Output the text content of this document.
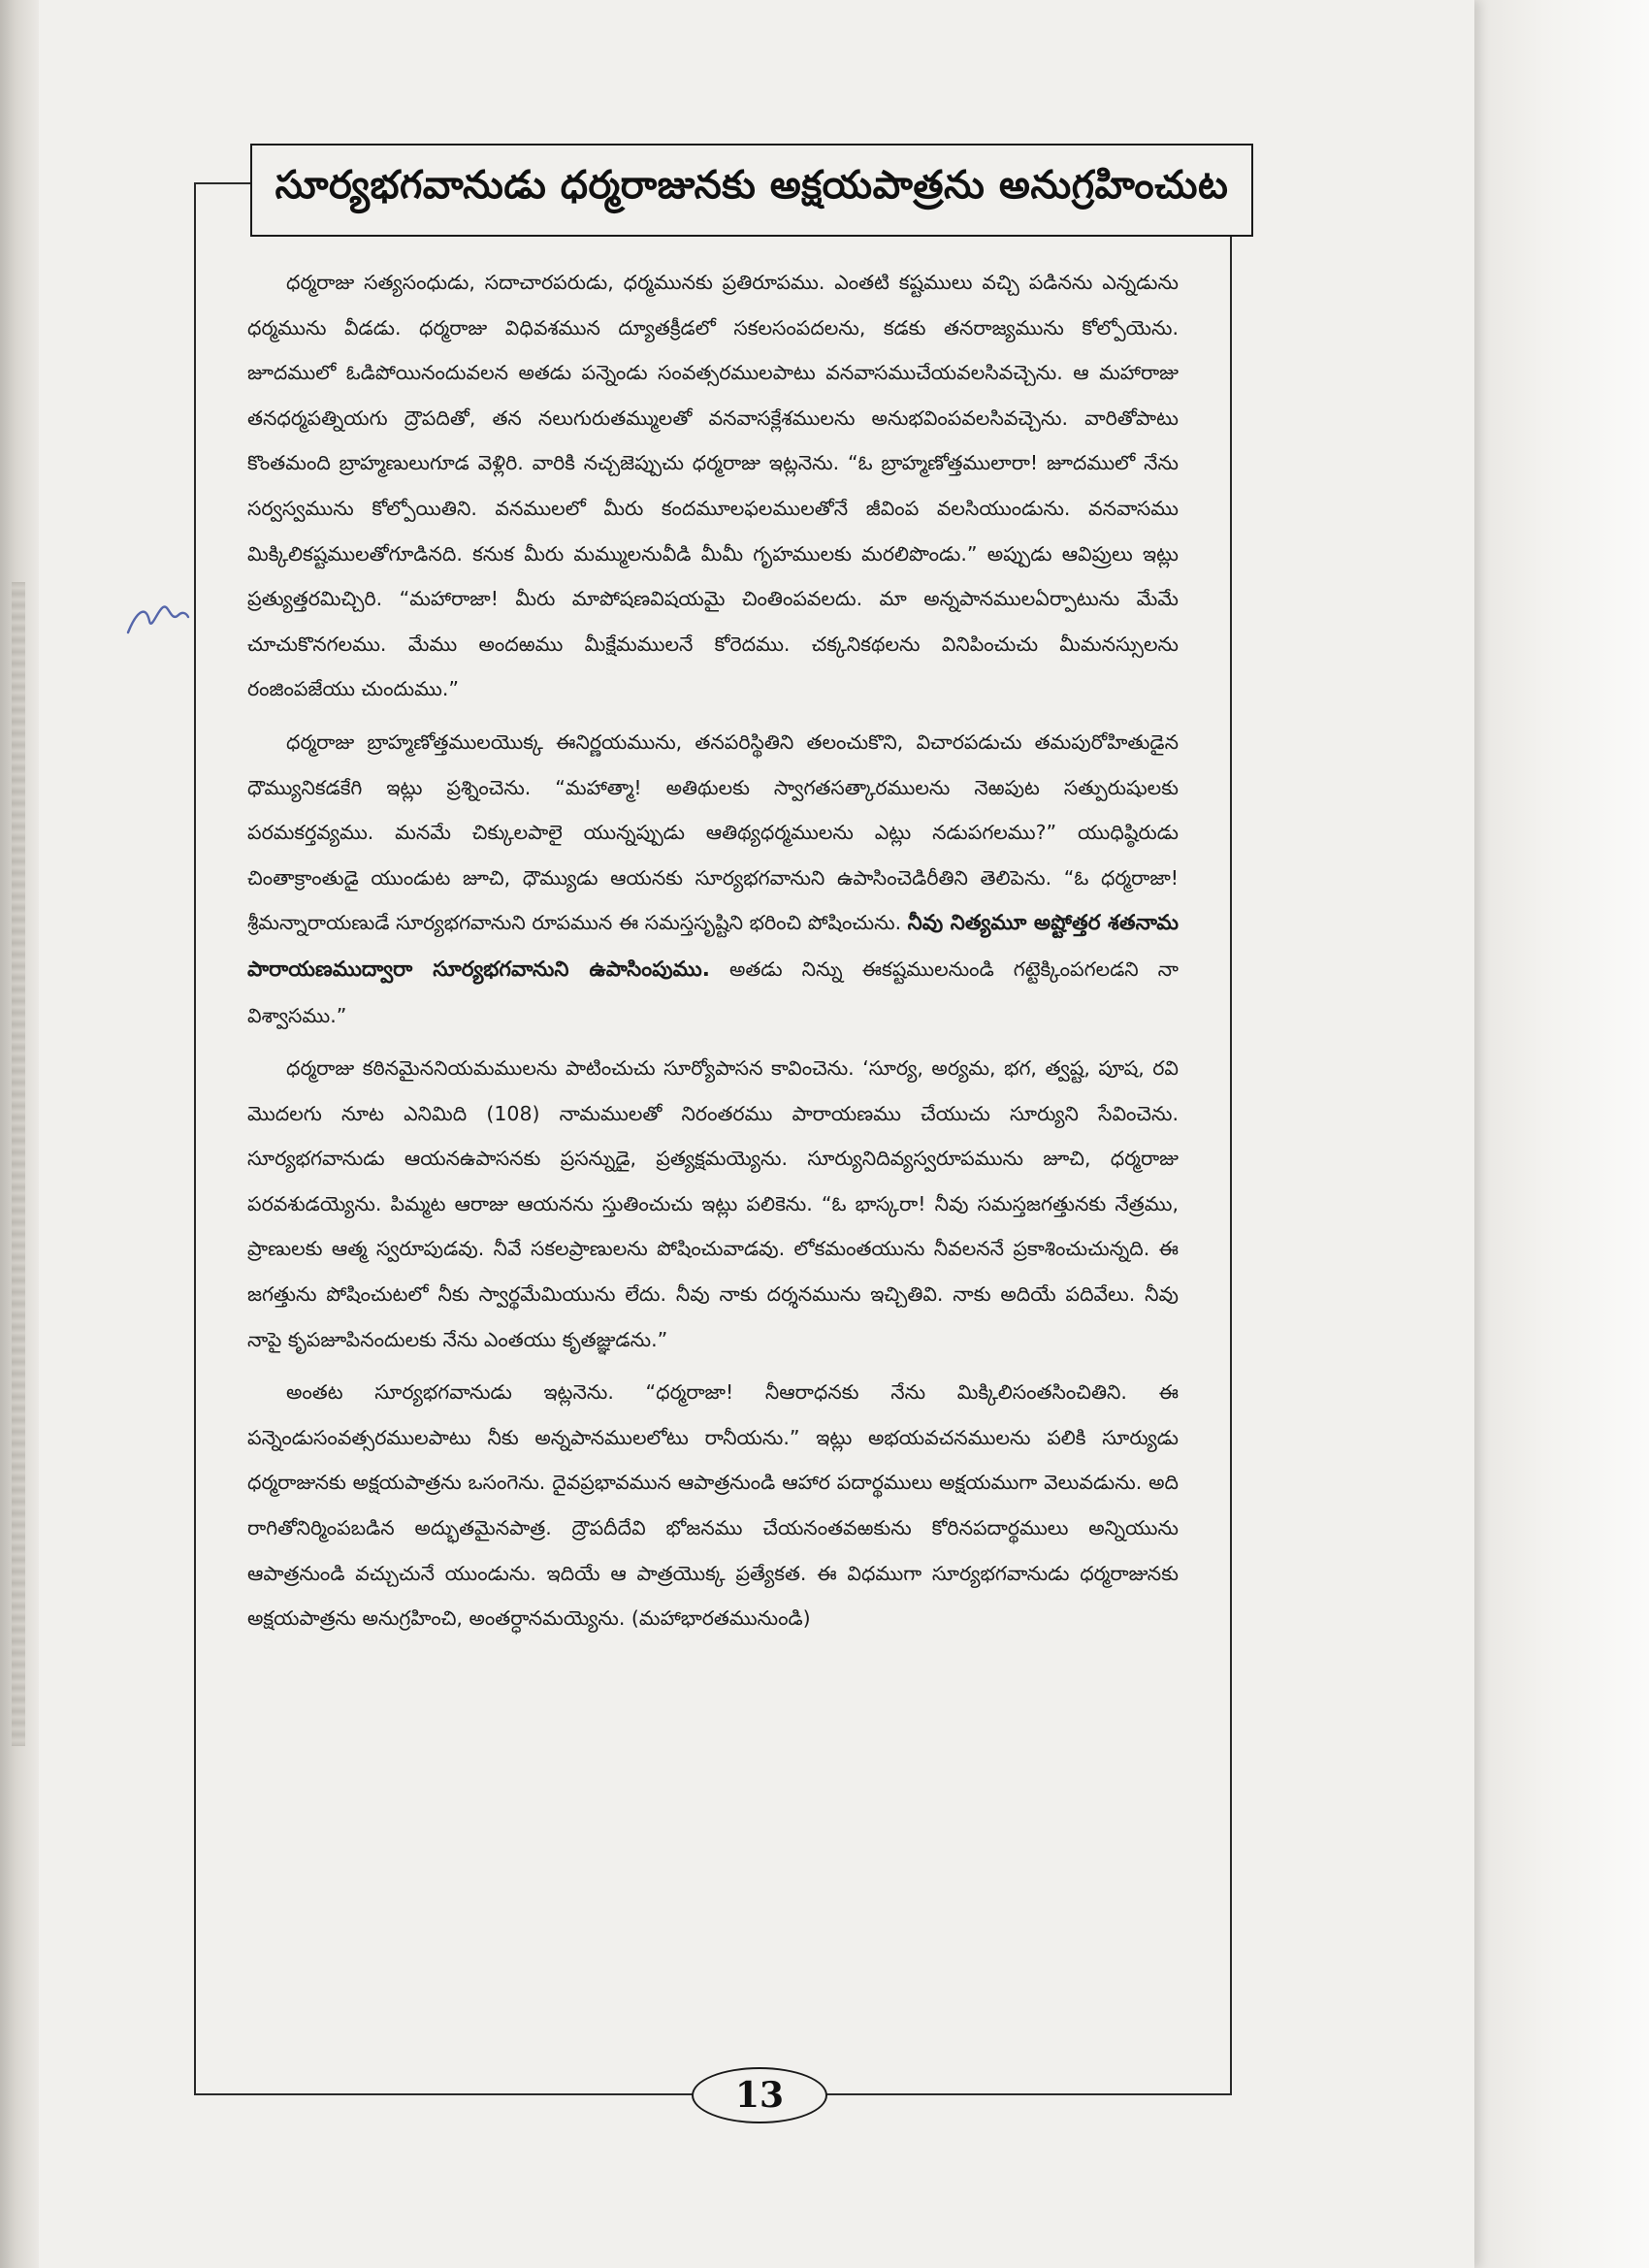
సూర్యభగవానుడు ధర్మరాజునకు అక్షయపాత్రను అనుగ్రహించుట

ధర్మరాజు సత్యసంధుడు, సదాచారపరుడు, ధర్మమునకు ప్రతిరూపము. ఎంతటి కష్టములు వచ్చి పడినను ఎన్నడును ధర్మమును వీడడు. ధర్మరాజు విధివశమున ద్యూతక్రీడలో సకలసంపదలను, కడకు తనరాజ్యమును కోల్పోయెను. జూదములో ఓడిపోయినందువలన అతడు పన్నెండు సంవత్సరములపాటు వనవాసముచేయవలసివచ్చెను. ఆ మహారాజు తనధర్మపత్నియగు ద్రౌపదితో, తన నలుగురుతమ్ములతో వనవాసక్లేశములను అనుభవింపవలసివచ్చెను. వారితోపాటు కొంతమంది బ్రాహ్మణులుగూడ వెళ్లిరి. వారికి నచ్చజెప్పుచు ధర్మరాజు ఇట్లనెను. “ఓ బ్రాహ్మణోత్తములారా! జూదములో నేను సర్వస్వమును కోల్పోయితిని. వనములలో మీరు కందమూలఫలములతోనే జీవింప వలసియుండును. వనవాసము మిక్కిలికష్టములతోగూడినది. కనుక మీరు మమ్ములనువీడి మీమీ గృహములకు మరలిపొండు.” అప్పుడు ఆవిప్రులు ఇట్లు ప్రత్యుత్తరమిచ్చిరి. “మహారాజా! మీరు మాపోషణవిషయమై చింతింపవలదు. మా అన్నపానములఏర్పాటును మేమే చూచుకొనగలము. మేము అందఱము మీక్షేమములనే కోరెదము. చక్కనికథలను వినిపించుచు మీమనస్సులను రంజింపజేయు చుందుము.”

ధర్మరాజు బ్రాహ్మణోత్తములయొక్క ఈనిర్ణయమును, తనపరిస్థితిని తలంచుకొని, విచారపడుచు తమపురోహితుడైన ధౌమ్యునికడకేగి ఇట్లు ప్రశ్నించెను. “మహాత్మా! అతిథులకు స్వాగతసత్కారములను నెఱపుట సత్పురుషులకు పరమకర్తవ్యము. మనమే చిక్కులపాలై యున్నప్పుడు ఆతిథ్యధర్మములను ఎట్లు నడుపగలము?” యుధిష్ఠిరుడు చింతాక్రాంతుడై యుండుట జూచి, ధౌమ్యుడు ఆయనకు సూర్యభగవానుని ఉపాసించెడిరీతిని తెలిపెను. “ఓ ధర్మరాజా! శ్రీమన్నారాయణుడే సూర్యభగవానుని రూపమున ఈ సమస్తసృష్టిని భరించి పోషించును. నీవు నిత్యమూ అష్టోత్తర శతనామ పారాయణముద్వారా సూర్యభగవానుని ఉపాసింపుము. అతడు నిన్ను ఈకష్టములనుండి గట్టెక్కింపగలడని నా విశ్వాసము.”

ధర్మరాజు కఠినమైననియమములను పాటించుచు సూర్యోపాసన కావించెను. ‘సూర్య, అర్యమ, భగ, త్వష్ట, పూష, రవి మొదలగు నూట ఎనిమిది (108) నామములతో నిరంతరము పారాయణము చేయుచు సూర్యుని సేవించెను. సూర్యభగవానుడు ఆయనఉపాసనకు ప్రసన్నుడై, ప్రత్యక్షమయ్యెను. సూర్యునిదివ్యస్వరూపమును జూచి, ధర్మరాజు పరవశుడయ్యెను. పిమ్మట ఆరాజు ఆయనను స్తుతించుచు ఇట్లు పలికెను. “ఓ భాస్కరా! నీవు సమస్తజగత్తునకు నేత్రము, ప్రాణులకు ఆత్మ స్వరూపుడవు. నీవే సకలప్రాణులను పోషించువాడవు. లోకమంతయును నీవలననే ప్రకాశించుచున్నది. ఈ జగత్తును పోషించుటలో నీకు స్వార్థమేమియును లేదు. నీవు నాకు దర్శనమును ఇచ్చితివి. నాకు అదియే పదివేలు. నీవు నాపై కృపజూపినందులకు నేను ఎంతయు కృతజ్ఞుడను.”

అంతట సూర్యభగవానుడు ఇట్లనెను. “ధర్మరాజా! నీఆరాధనకు నేను మిక్కిలిసంతసించితిని. ఈ పన్నెండుసంవత్సరములపాటు నీకు అన్నపానములలోటు రానీయను.” ఇట్లు అభయవచనములను పలికి సూర్యుడు ధర్మరాజునకు అక్షయపాత్రను ఒసంగెను. దైవప్రభావమున ఆపాత్రనుండి ఆహార పదార్థములు అక్షయముగా వెలువడును. అది రాగితోనిర్మింపబడిన అద్భుతమైనపాత్ర. ద్రౌపదీదేవి భోజనము చేయనంతవఱకును కోరినపదార్థములు అన్నియును ఆపాత్రనుండి వచ్చుచునే యుండును. ఇదియే ఆ పాత్రయొక్క ప్రత్యేకత. ఈ విధముగా సూర్యభగవానుడు ధర్మరాజునకు అక్షయపాత్రను అనుగ్రహించి, అంతర్ధానమయ్యెను. (మహాభారతమునుండి)

13
